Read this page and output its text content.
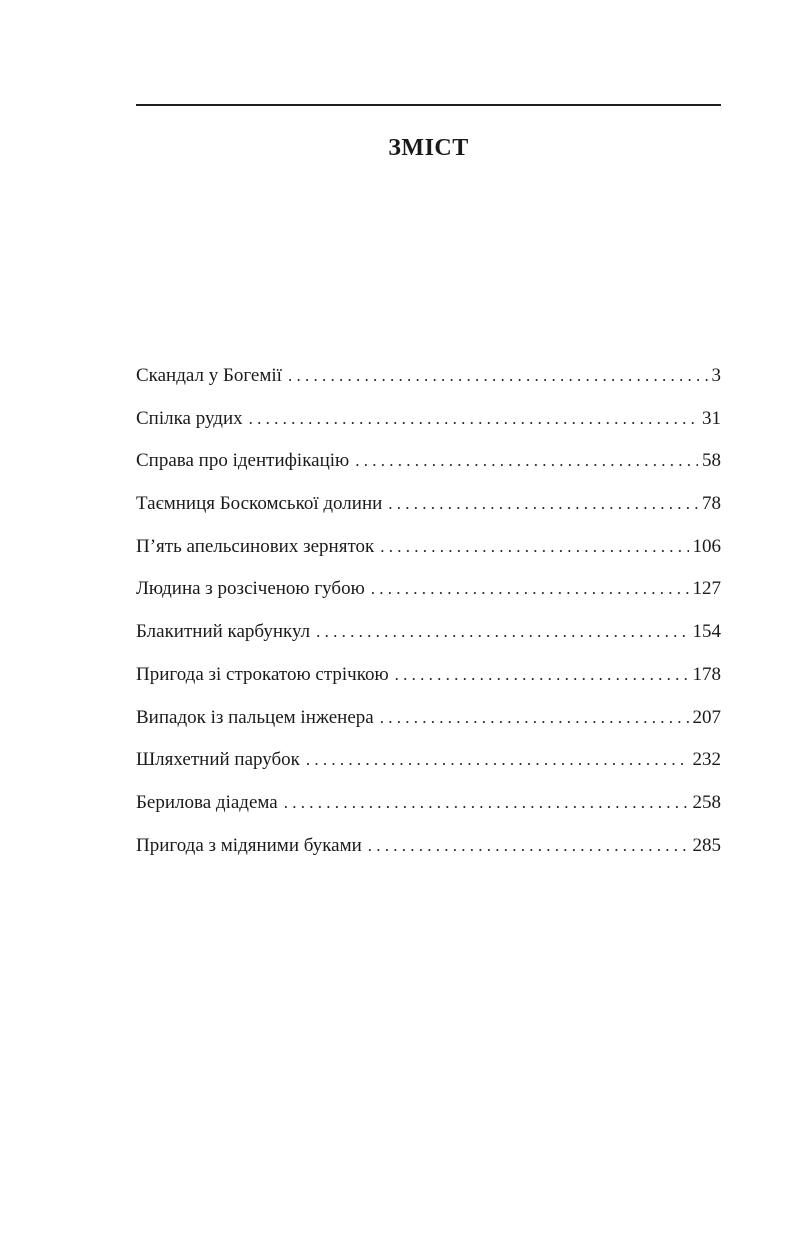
ЗМІСТ
Скандал у Богемії . . .	3
Спілка рудих . . .	31
Справа про ідентифікацію . . .	58
Таємниця Боскомської долини . . .	78
П’ять апельсинових зерняток . . .	106
Людина з розсіченою губою . . .	127
Блакитний карбункул . . .	154
Пригода зі строкатою стрічкою . . .	178
Випадок із пальцем інженера . . .	207
Шляхетний парубок . . .	232
Берилова діадема . . .	258
Пригода з мідяними буками . . .	285
